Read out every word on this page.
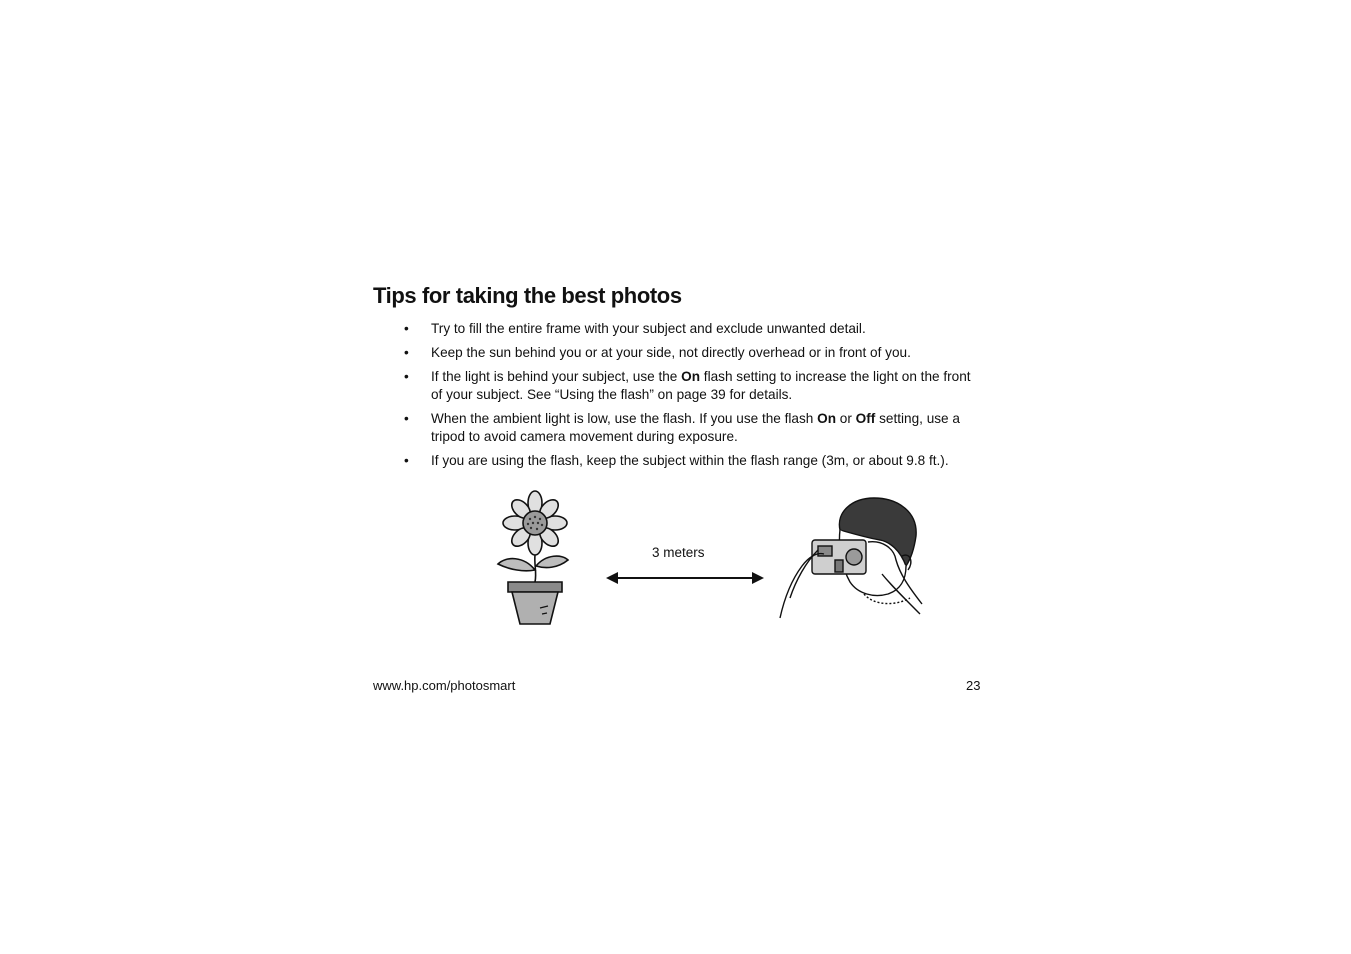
Tips for taking the best photos
• Try to fill the entire frame with your subject and exclude unwanted detail.
• Keep the sun behind you or at your side, not directly overhead or in front of you.
• If the light is behind your subject, use the On flash setting to increase the light on the front of your subject. See “Using the flash” on page 39 for details.
• When the ambient light is low, use the flash. If you use the flash On or Off setting, use a tripod to avoid camera movement during exposure.
• If you are using the flash, keep the subject within the flash range (3m, or about 9.8 ft.).
3 meters
www.hp.com/photosmart	23
